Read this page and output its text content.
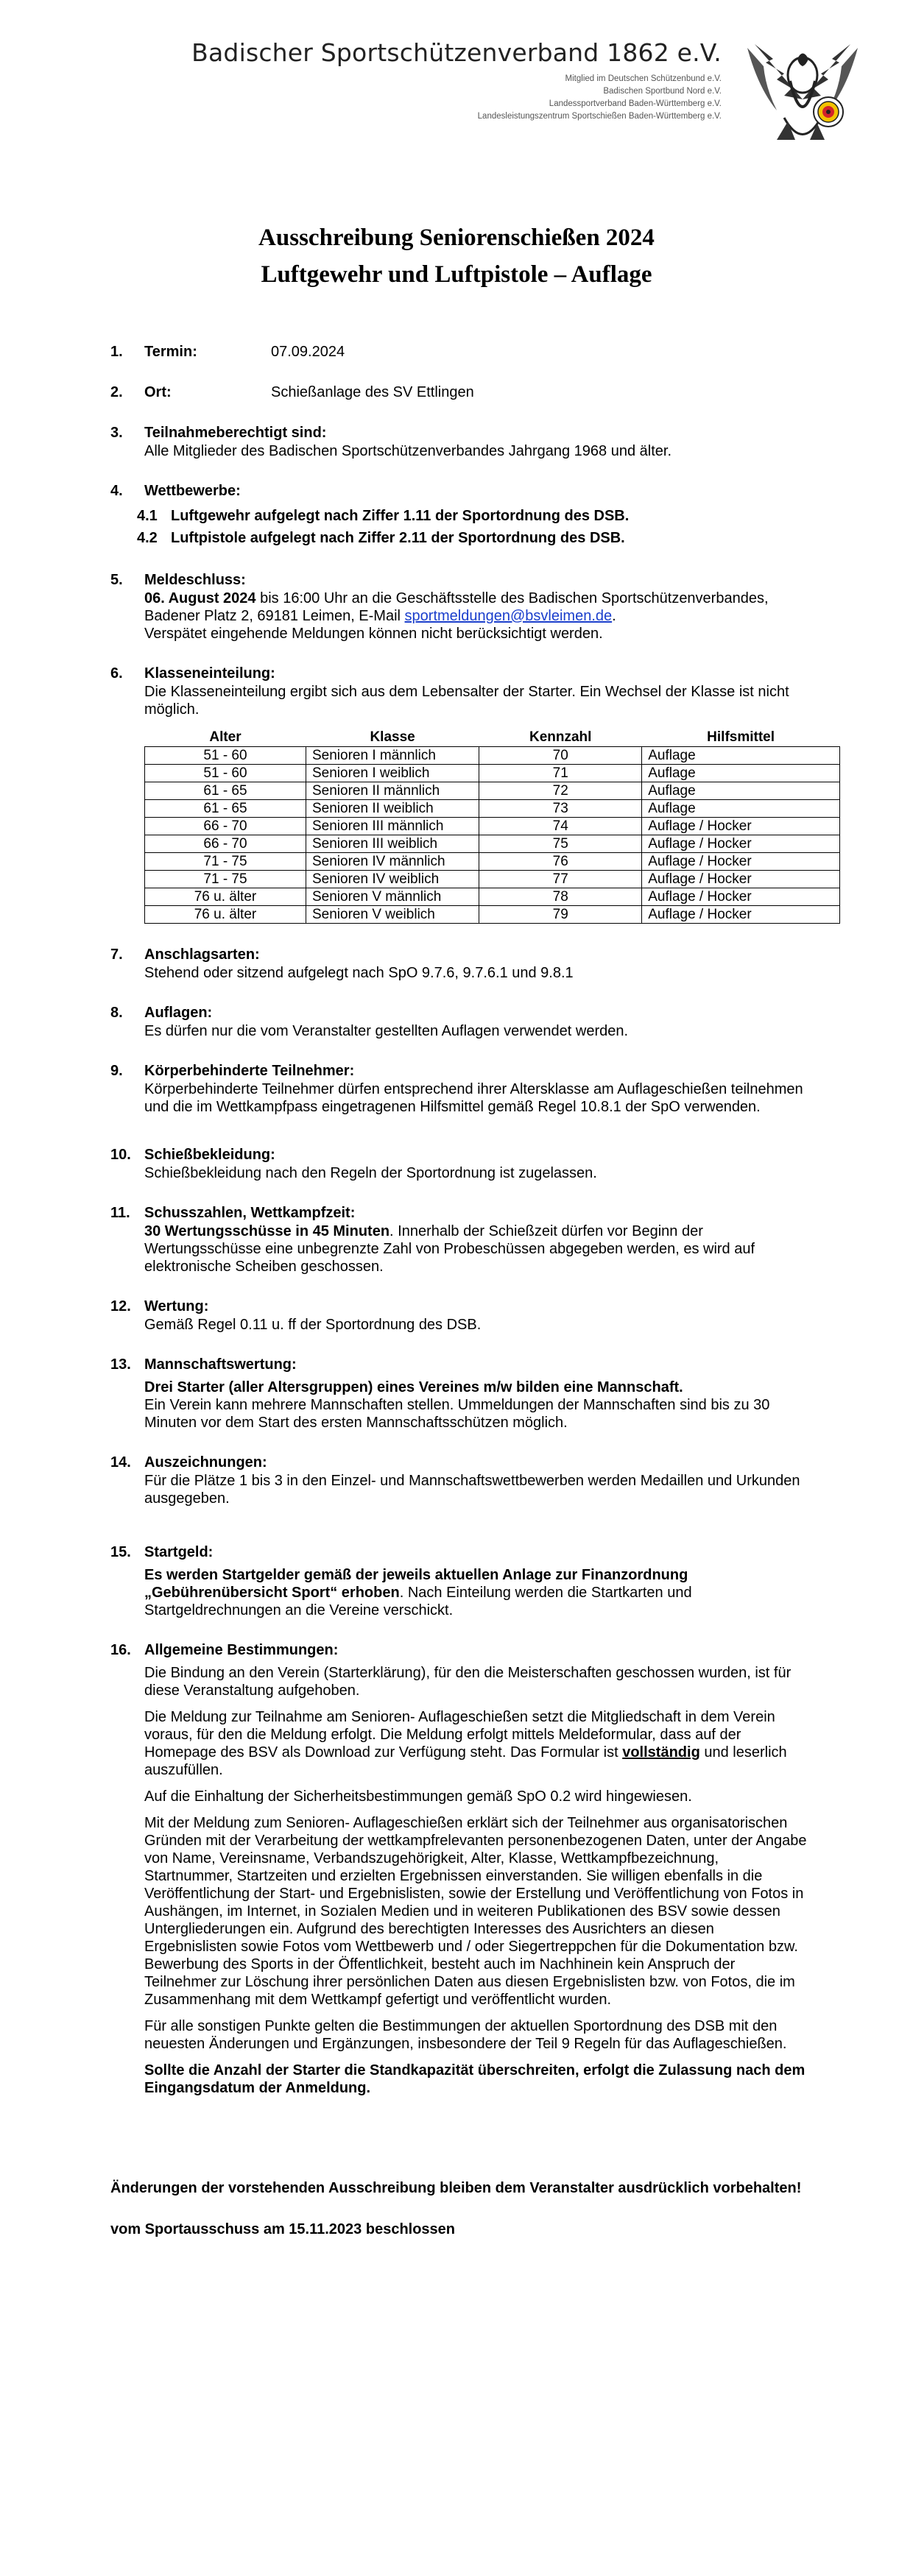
Badischer Sportschützenverband 1862 e.V.
Mitglied im Deutschen Schützenbund e.V.
Badischen Sportbund Nord e.V.
Landessportverband Baden-Württemberg e.V.
Landesleistungszentrum Sportschießen Baden-Württemberg e.V.
Ausschreibung Seniorenschießen 2024
Luftgewehr und Luftpistole – Auflage
1.	Termin:	07.09.2024
2.	Ort:	Schießanlage des SV Ettlingen
3.	Teilnahmeberechtigt sind:

Alle Mitglieder des Badischen Sportschützenverbandes Jahrgang 1968 und älter.

4.	Wettbewerbe:
4.1 Luftgewehr aufgelegt nach Ziffer 1.11 der Sportordnung des DSB.
4.2 Luftpistole aufgelegt nach Ziffer 2.11 der Sportordnung des DSB.
5.	Meldeschluss:
06. August 2024 bis 16:00 Uhr an die Geschäftsstelle des Badischen Sportschützenverbandes,
Badener Platz 2, 69181 Leimen, E-Mail sportmeldungen@bsvleimen.de.
Verspätet eingehende Meldungen können nicht berücksichtigt werden.
6.	Klasseneinteilung:

Die Klasseneinteilung ergibt sich aus dem Lebensalter der Starter. Ein Wechsel der Klasse ist nicht möglich.

Alter	Klasse	Kennzahl	Hilfsmittel
51 - 60	Senioren I männlich	70	Auflage
51 - 60	Senioren I weiblich	71	Auflage
61 - 65	Senioren II männlich	72	Auflage
61 - 65	Senioren II weiblich	73	Auflage
66 - 70	Senioren III männlich	74	Auflage / Hocker
66 - 70	Senioren III weiblich	75	Auflage / Hocker
71 - 75	Senioren IV männlich	76	Auflage / Hocker
71 - 75	Senioren IV weiblich	77	Auflage / Hocker
76 u. älter	Senioren V männlich	78	Auflage / Hocker
76 u. älter	Senioren V weiblich	79	Auflage / Hocker
7.	Anschlagsarten:

Stehend oder sitzend aufgelegt nach SpO 9.7.6, 9.7.6.1 und 9.8.1

8.	Auflagen:

Es dürfen nur die vom Veranstalter gestellten Auflagen verwendet werden.

9.	Körperbehinderte Teilnehmer:

Körperbehinderte Teilnehmer dürfen entsprechend ihrer Altersklasse am Auflageschießen teilnehmen und die im Wettkampfpass eingetragenen Hilfsmittel gemäß Regel 10.8.1 der SpO verwenden.

10. Schießbekleidung:

Schießbekleidung nach den Regeln der Sportordnung ist zugelassen.

11. Schusszahlen, Wettkampfzeit:

30 Wertungsschüsse in 45 Minuten. Innerhalb der Schießzeit dürfen vor Beginn der Wertungsschüsse eine unbegrenzte Zahl von Probeschüssen abgegeben werden, es wird auf elektronische Scheiben geschossen.

12. Wertung:

Gemäß Regel 0.11 u. ff der Sportordnung des DSB.

13. Mannschaftswertung:
Drei Starter (aller Altersgruppen) eines Vereines m/w bilden eine Mannschaft.
Ein Verein kann mehrere Mannschaften stellen. Ummeldungen der Mannschaften sind bis zu 30 Minuten vor dem Start des ersten Mannschaftsschützen möglich.
14. Auszeichnungen:

Für die Plätze 1 bis 3 in den Einzel- und Mannschaftswettbewerben werden Medaillen und Urkunden ausgegeben.

15. Startgeld:

Es werden Startgelder gemäß der jeweils aktuellen Anlage zur Finanzordnung „Gebührenübersicht Sport“ erhoben. Nach Einteilung werden die Startkarten und Startgeldrechnungen an die Vereine verschickt.

16. Allgemeine Bestimmungen:

Die Bindung an den Verein (Starterklärung), für den die Meisterschaften geschossen wurden, ist für diese Veranstaltung aufgehoben.

Die Meldung zur Teilnahme am Senioren- Auflageschießen setzt die Mitgliedschaft in dem Verein voraus, für den die Meldung erfolgt. Die Meldung erfolgt mittels Meldeformular, dass auf der Homepage des BSV als Download zur Verfügung steht. Das Formular ist vollständig und leserlich auszufüllen.

Auf die Einhaltung der Sicherheitsbestimmungen gemäß SpO 0.2 wird hingewiesen.

Mit der Meldung zum Senioren- Auflageschießen erklärt sich der Teilnehmer aus organisatorischen Gründen mit der Verarbeitung der wettkampfrelevanten personenbezogenen Daten, unter der Angabe von Name, Vereinsname, Verbandszugehörigkeit, Alter, Klasse, Wettkampfbezeichnung, Startnummer, Startzeiten und erzielten Ergebnissen einverstanden. Sie willigen ebenfalls in die Veröffentlichung der Start- und Ergebnislisten, sowie der Erstellung und Veröffentlichung von Fotos in Aushängen, im Internet, in Sozialen Medien und in weiteren Publikationen des BSV sowie dessen Untergliederungen ein. Aufgrund des berechtigten Interesses des Ausrichters an diesen Ergebnislisten sowie Fotos vom Wettbewerb und / oder Siegertreppchen für die Dokumentation bzw. Bewerbung des Sports in der Öffentlichkeit, besteht auch im Nachhinein kein Anspruch der Teilnehmer zur Löschung ihrer persönlichen Daten aus diesen Ergebnislisten bzw. von Fotos, die im Zusammenhang mit dem Wettkampf gefertigt und veröffentlicht wurden.

Für alle sonstigen Punkte gelten die Bestimmungen der aktuellen Sportordnung des DSB mit den neuesten Änderungen und Ergänzungen, insbesondere der Teil 9 Regeln für das Auflageschießen.

Sollte die Anzahl der Starter die Standkapazität überschreiten, erfolgt die Zulassung nach dem Eingangsdatum der Anmeldung.

Änderungen der vorstehenden Ausschreibung bleiben dem Veranstalter ausdrücklich vorbehalten!

vom Sportausschuss am 15.11.2023 beschlossen
